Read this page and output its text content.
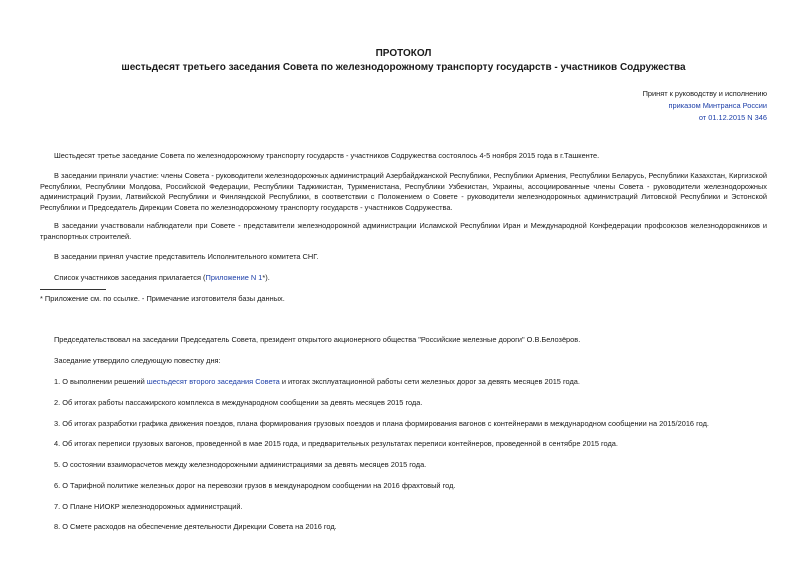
ПРОТОКОЛ
шестьдесят третьего заседания Совета по железнодорожному транспорту государств - участников Содружества
Принят к руководству и исполнению
приказом Минтранса России
от 01.12.2015 N 346

Шестьдесят третье заседание Совета по железнодорожному транспорту государств - участников Содружества состоялось 4-5 ноября 2015 года в г.Ташкенте.

В заседании приняли участие: члены Совета - руководители железнодорожных администраций Азербайджанской Республики, Республики Армения, Республики Беларусь, Республики Казахстан, Киргизской Республики, Республики Молдова, Российской Федерации, Республики Таджикистан, Туркменистана, Республики Узбекистан, Украины, ассоциированные члены Совета - руководители железнодорожных администраций Грузии, Латвийской Республики и Финляндской Республики, в соответствии с Положением о Совете - руководители железнодорожных администраций Литовской Республики и Эстонской Республики и Председатель Дирекции Совета по железнодорожному транспорту государств - участников Содружества.

В заседании участвовали наблюдатели при Совете - представители железнодорожной администрации Исламской Республики Иран и Международной Конфедерации профсоюзов железнодорожников и транспортных строителей.

В заседании принял участие представитель Исполнительного комитета СНГ.

Список участников заседания прилагается (Приложение N 1*).

* Приложение см. по ссылке. - Примечание изготовителя базы данных.

Председательствовал на заседании Председатель Совета, президент открытого акционерного общества "Российские железные дороги" О.В.Белозёров.

Заседание утвердило следующую повестку дня:

1. О выполнении решений шестьдесят второго заседания Совета и итогах эксплуатационной работы сети железных дорог за девять месяцев 2015 года.

2. Об итогах работы пассажирского комплекса в международном сообщении за девять месяцев 2015 года.

3. Об итогах разработки графика движения поездов, плана формирования грузовых поездов и плана формирования вагонов с контейнерами в международном сообщении на 2015/2016 год.

4. Об итогах перепиcи грузовых вагонов, проведенной в мае 2015 года, и предварительных результатах переписи контейнеров, проведенной в сентябре 2015 года.

5. О состоянии взаиморасчетов между железнодорожными администрациями за девять месяцев 2015 года.

6. О Тарифной политике железных дорог на перевозки грузов в международном сообщении на 2016 фрахтовый год.

7. О Плане НИОКР железнодорожных администраций.

8. О Смете расходов на обеспечение деятельности Дирекции Совета на 2016 год.
